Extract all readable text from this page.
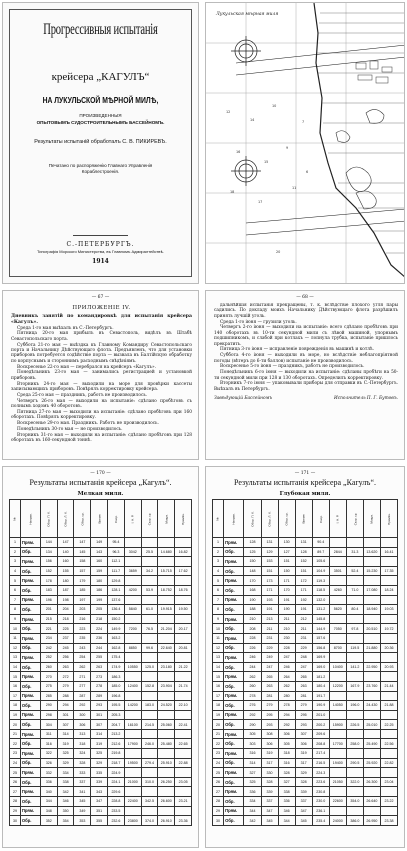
Прогрессивныя испытанія
крейсера „КАГУЛЪ“
НА ЛУКУЛЬСКОЙ МѢРНОЙ МИЛѢ,
ПРОИЗВЕДЕННЫЯ
ОПЫТОВЫМЪ СУДОСТРОИТЕЛЬНЫМЪ БАССЕЙНОМЪ.
Результаты испытаній обработалъ С. В. ПИКИРЕВЪ.
Печатано по распоряженію Главнаго Управленія
Кораблестроенія.
С.-ПЕТЕРБУРГЪ.
Типографія Морского Министерства, въ Главномъ Адмиралтействѣ.
1914
12
14
10
16
15
9
18
17
11
7
6
20
Лукульская мѣрная миля
— 67 —

ПРИЛОЖЕНІЕ IV.

Дневникъ занятій по командировкѣ для испытанія крейсера «Кагулъ».

Среда 1-го мая выѣхалъ въ С.-Петербургъ.

Пятница 20-го мая прибылъ въ Севастополь, видѣлъ въ Штабѣ Севастопольскаго порта.

Суббота 21-го мая — выѣздка къ Главному Командиру Севастопольскаго порта и Начальнику Дѣйствующаго флота. Предъявленъ, что для установки приборовъ потребуется содѣйствіе порта — вызвала въ Балтійскую обработку по корпуснымъ и стороннимъ расходнымъ свѣдѣніямъ.

Воскресенье 22-го мая — перебрался на крейсеръ «Кагулъ».

Понедѣльникъ 23-го мая — занимались регистрацией и установкой приборовъ.

Вторникъ 24-го мая — выходили на море для провѣрки кассеты записывающихъ приборовъ. Повѣрялъ корректировку крейсера.

Среда 25-го мая — праздникъ, работъ не производилось.

Четвергъ 26-го мая — выходили на испытаніе: сдѣлано пробѣговъ съ полнымъ ходомъ 40 оборотовъ.

Пятница 27-го мая — выходили на испытаніе: сдѣлано пробѣговъ при 160 оборотахъ. Повѣрялъ корректировку.

Воскресенье 29-го мая. Праздникъ. Работъ не производилось.

Понедѣльникъ 30-го мая — не производилось.

Вторникъ 31-го мая — выходили на испытаніе: сдѣлано пробѣговъ при 128 оборотахъ въ 160-секундной тоннѣ.

— 68 —

дальнѣйшія испытанія прекращены, т. к. вслѣдствіе плохого угля пары садились. По докладу моихъ Начальнику Дѣйствующаго флота разрѣшилъ принять лучшій уголь.

Среда 1-го іюня — грузили уголь.

Четвергъ 2-го іюня — выходили на испытаніе: всего сдѣлано пробѣговъ при 140 оборотахъ въ 10-ти секундной мили съ лѣвой машиной, упорнымъ подшипникомъ, и слабой при котлахъ — лопнула трубка, испытаніе пришлось прекратить.

Пятница 3-го іюня — исправленіе поврежденія въ машинѣ и котлѣ.

Суббота 4-го іюня — выходили въ море, но вслѣдствіе неблагопріятной погоды (вѣтеръ до 6-ти баллов) испытаніе не производилось.

Воскресенье 5-го іюня — праздникъ, работъ не производилось.

Понедѣльникъ 6-го іюня — выходили на испытаніе: сдѣланы пробѣги на 50-ти секундной мили при 128 и 130 оборотахъ. Определилъ корректировку.

Вторникъ 7-го іюня — упаковывали приборы для отправки въ С.-Петербургъ. Выѣхалъ въ Петербургъ.

Завѣдующій Бассейномъ	Исполнитель П. Г. Бутовъ.
— 170 —
Результаты испытанія крейсера „Кагулъ“.
Мелкая миля.
№	Направ.	Обор. П. б.	Обор. Л. б.	Обор. ср.	Время	Скор.	I. H. P.	Скор. ср.	Мощн.	Примѣч.
1	Прям.	144	147	147	149	95.4				
2	Обр.	134	140	145	143	96.3	3042	25.5	14.680	16.82
3	Прям.	156	160	158	160	112.1				
4	Обр.	152	155	157	159	111.7	3659	34.2	15.715	17.62
5	Прям.	178	180	179	180	129.8				
6	Обр.	183	187	185	186	128.1	4200	53.9	18.752	18.76
7	Прям.	196	198	197	199	137.6				
8	Обр.	201	204	203	205	136.4	5840	61.0	19.915	19.50
9	Прям.	215	218	216	218	150.2				
10	Обр.	221	225	223	224	149.9	7200	76.5	21.204	20.17
11	Прям.	234	237	235	236	163.2				
12	Обр.	242	245	243	244	162.8	8850	99.6	22.640	20.81
13	Прям.	252	256	254	255	175.4				
14	Обр.	260	263	262	263	174.9	10550	125.0	23.180	21.22
15	Прям.	270	272	271	273	186.3				
16	Обр.	275	279	277	278	185.0	12400	152.8	23.904	21.74
17	Прям.	285	288	287	289	196.8				
18	Обр.	290	294	292	293	195.5	14200	183.0	24.520	22.10
19	Прям.	298	301	300	301	205.3				
20	Обр.	304	307	306	307	204.7	16100	214.5	25.060	22.41
21	Прям.	311	314	313	314	213.2				
22	Обр.	316	319	318	319	212.6	17900	246.0	25.480	22.65
23	Прям.	322	325	324	325	219.8				
24	Обр.	326	329	328	329	218.7	19500	279.4	25.910	22.88
25	Прям.	332	334	333	335	224.9				
26	Обр.	336	338	337	339	224.1	21000	310.0	26.250	23.05
27	Прям.	340	342	341	343	229.6				
28	Обр.	344	346	345	347	228.8	22400	342.5	26.600	23.21
29	Прям.	348	350	349	351	233.5				
30	Обр.	352	354	353	355	232.6	23800	374.0	26.910	23.36
— 171 —
Результаты испытанія крейсера „Кагулъ“.
Глубокая миля.
№	Направ.	Обор. П. б.	Обор. Л. б.	Обор. ср.	Время	Скор.	I. H. P.	Скор. ср.	Мощн.	Примѣч.
1	Прям.	128	131	130	131	90.4				
2	Обр.	125	129	127	128	89.7	2844	31.3	13.620	16.41
3	Прям.	150	153	151	152	105.6				
4	Обр.	148	151	150	151	104.9	3501	52.4	15.230	17.35
5	Прям.	170	173	171	172	119.3				
6	Обр.	168	171	170	171	118.5	4260	71.0	17.080	18.24
7	Прям.	190	193	191	192	132.0				
8	Обр.	188	191	190	191	131.2	5620	80.4	18.940	19.03
9	Прям.	210	213	211	212	145.8				
10	Обр.	208	211	210	211	144.9	7050	97.8	20.510	19.72
11	Прям.	228	231	230	231	157.6				
12	Обр.	226	229	228	229	156.8	8700	119.5	21.880	20.36
13	Прям.	246	249	247	248	169.9				
14	Обр.	244	247	246	247	169.0	10400	141.2	22.950	20.93
15	Прям.	262	265	264	265	181.2				
16	Обр.	260	263	262	263	180.4	12200	167.9	23.760	21.44
17	Прям.	278	281	280	281	191.7				
18	Обр.	276	279	278	279	190.9	14050	196.0	24.430	21.88
19	Прям.	292	295	294	295	201.0				
20	Обр.	290	293	292	293	200.2	15900	226.5	25.010	22.25
21	Прям.	305	308	306	307	209.6				
22	Обр.	303	306	305	306	208.8	17700	258.0	25.490	22.56
23	Прям.	316	319	318	319	217.4				
24	Обр.	314	317	316	317	216.5	19400	290.5	25.920	22.82
25	Прям.	327	330	328	329	224.3				
26	Обр.	325	328	327	328	223.6	21050	322.0	26.300	23.04
27	Прям.	336	339	338	339	230.8				
28	Обр.	334	337	336	337	230.0	22600	354.0	26.640	23.22
29	Прям.	344	347	346	347	236.1				
30	Обр.	342	345	344	345	235.4	24000	386.0	26.950	23.38
